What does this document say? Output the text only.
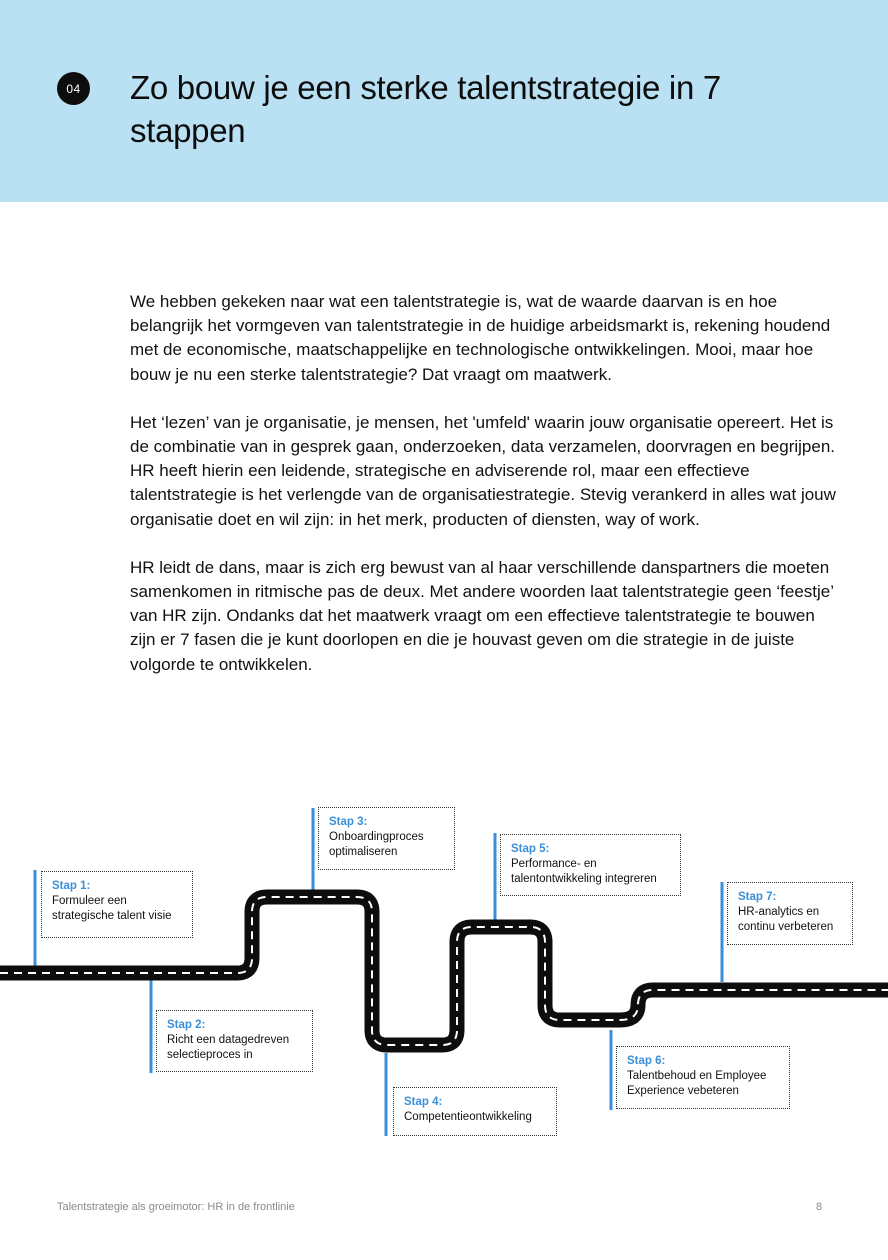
04 Zo bouw je een sterke talentstrategie in 7 stappen

We hebben gekeken naar wat een talentstrategie is, wat de waarde daarvan is en hoe belangrijk het vormgeven van talentstrategie in de huidige arbeidsmarkt is, rekening houdend met de economische, maatschappelijke en technologische ontwikkelingen. Mooi, maar hoe bouw je nu een sterke talentstrategie? Dat vraagt om maatwerk.

Het ‘lezen’ van je organisatie, je mensen, het 'umfeld' waarin jouw organisatie opereert. Het is de combinatie van in gesprek gaan, onderzoeken, data verzamelen, doorvragen en begrijpen. HR heeft hierin een leidende, strategische en adviserende rol, maar een effectieve talentstrategie is het verlengde van de organisatiestrategie. Stevig verankerd in alles wat jouw organisatie doet en wil zijn: in het merk, producten of diensten, way of work.

HR leidt de dans, maar is zich erg bewust van al haar verschillende danspartners die moeten samenkomen in ritmische pas de deux. Met andere woorden laat talentstrategie geen ‘feestje’ van HR zijn. Ondanks dat het maatwerk vraagt om een effectieve talentstrategie te bouwen zijn er 7 fasen die je kunt doorlopen en die je houvast geven om die strategie in de juiste volgorde te ontwikkelen.

Stap 1:
Formuleer een strategische talent visie
Stap 2:
Richt een datagedreven selectieproces in
Stap 3:
Onboardingproces optimaliseren
Stap 4:
Competentieontwikkeling
Stap 5:
Performance- en talentontwikkeling integreren
Stap 6:
Talentbehoud en Employee Experience vebeteren
Stap 7:
HR-analytics en continu verbeteren
Talentstrategie als groeimotor: HR in de frontlinie	8
